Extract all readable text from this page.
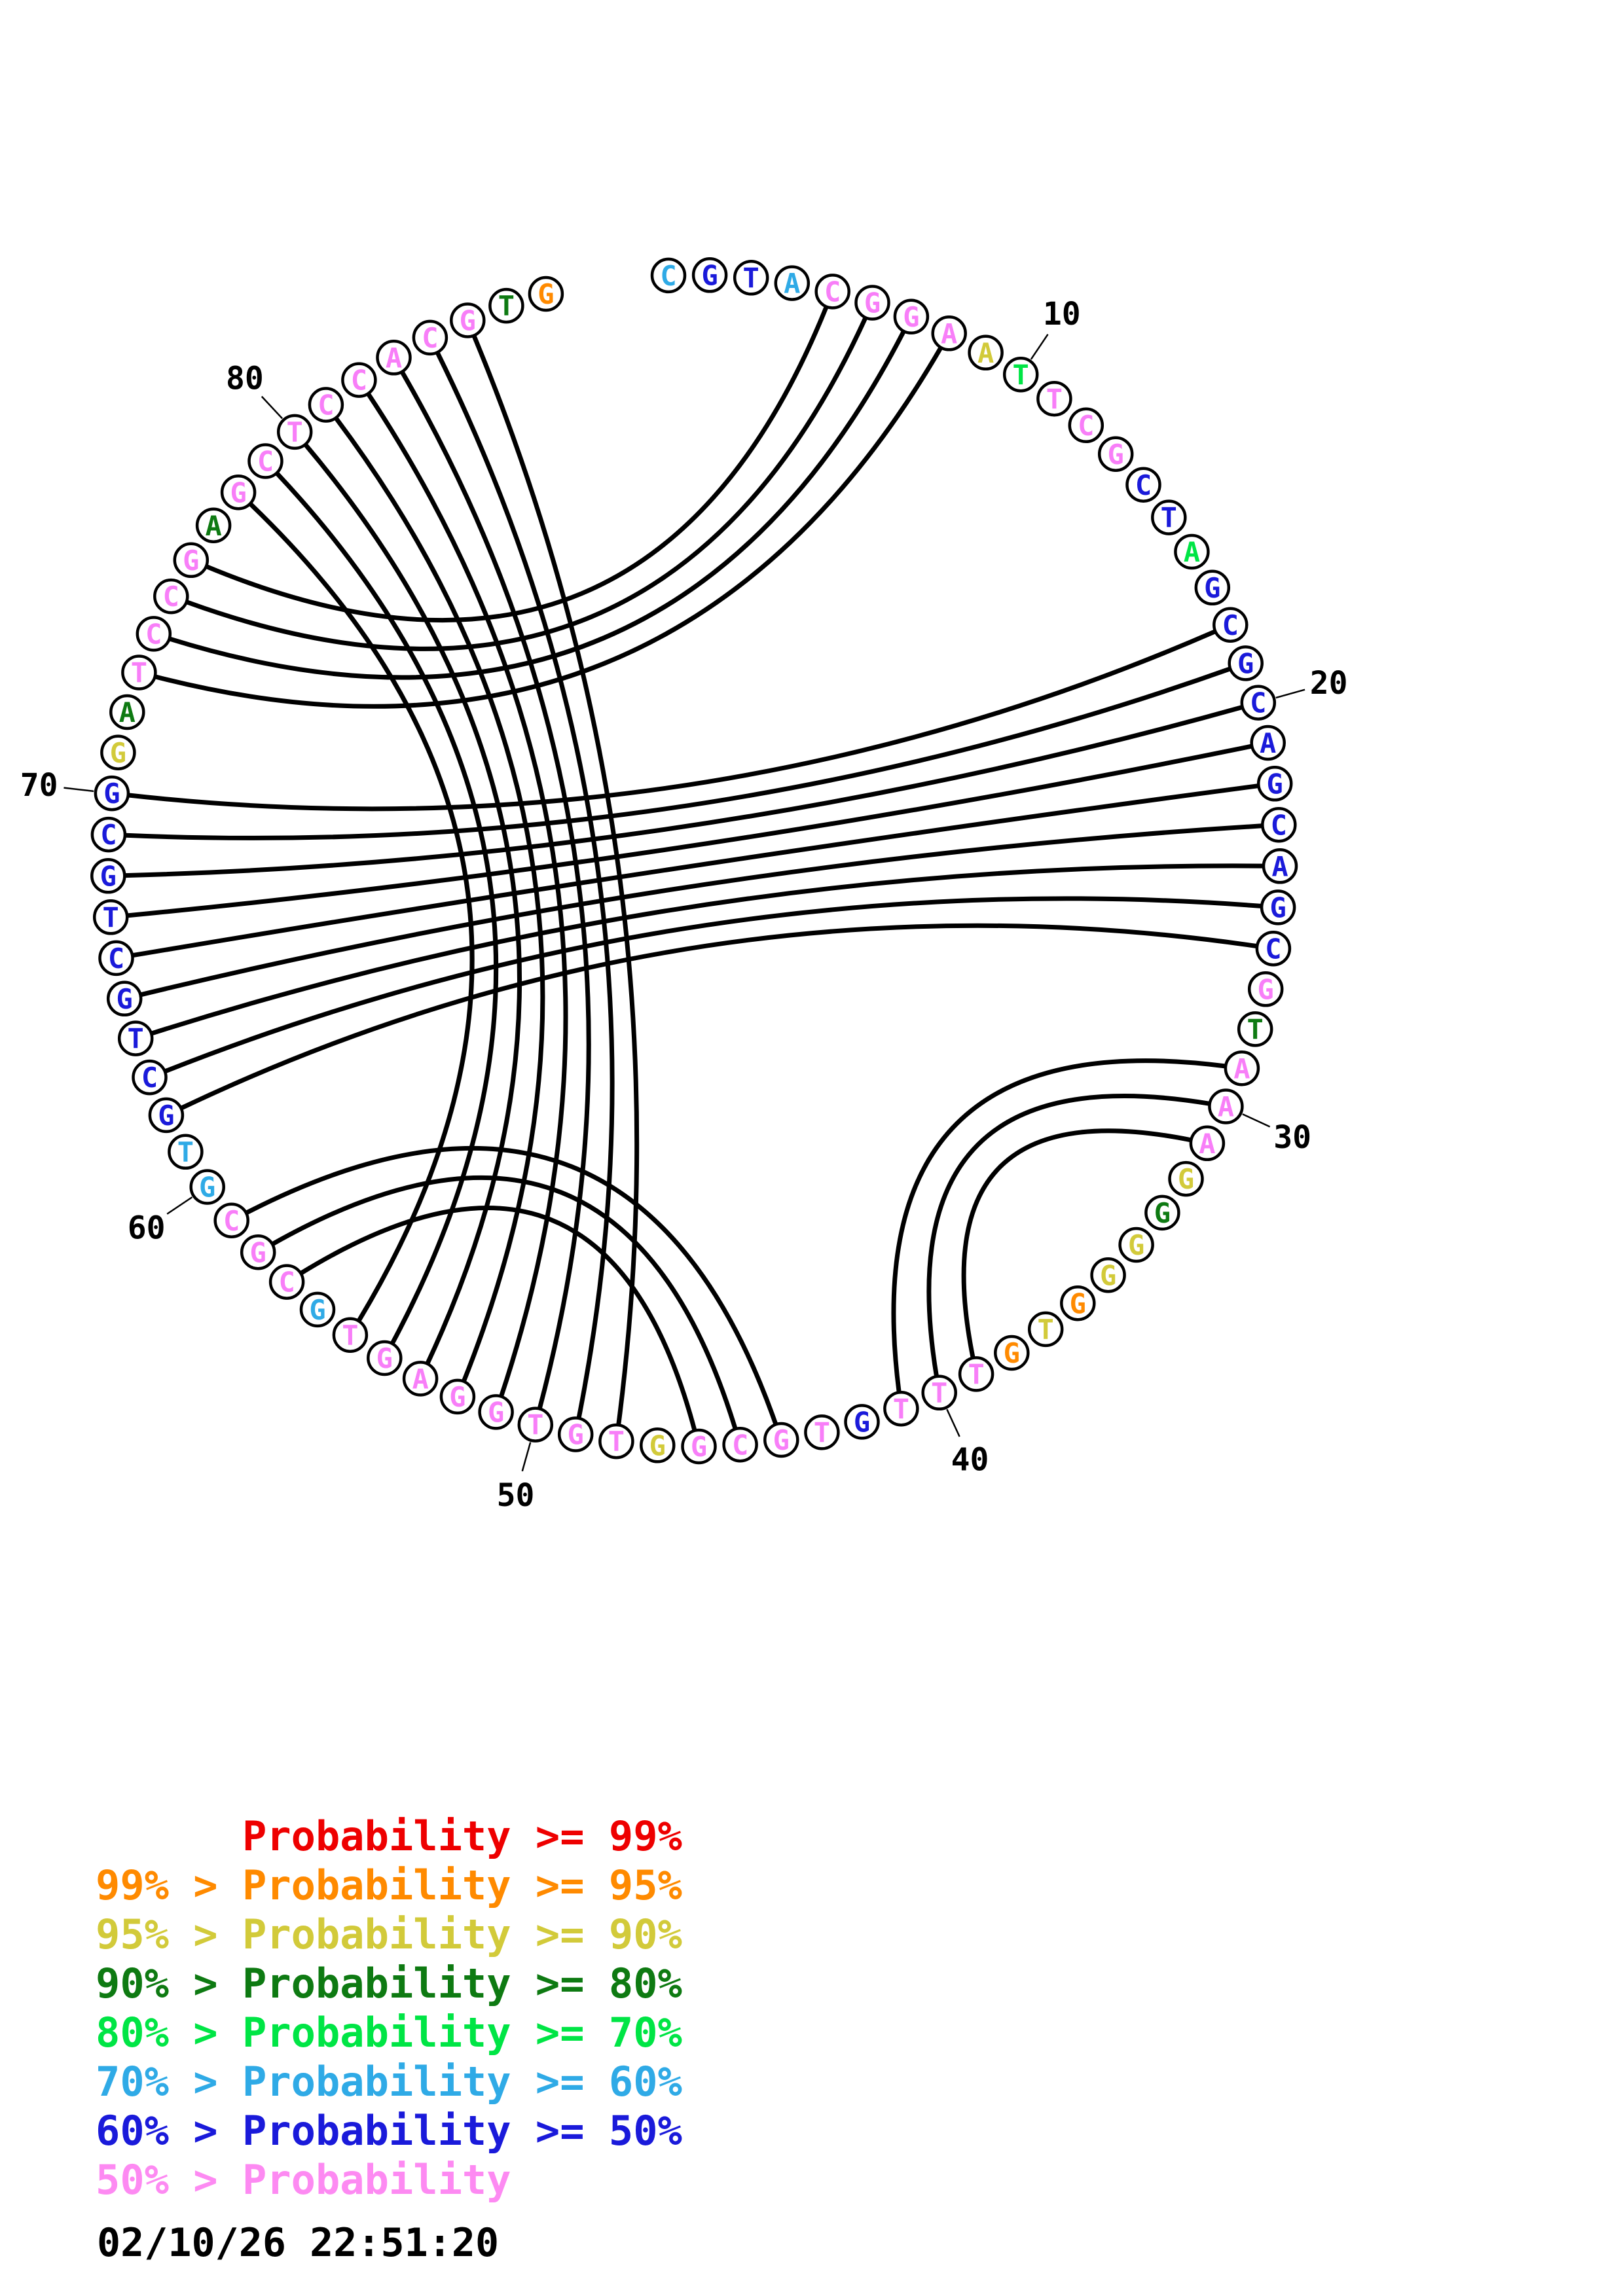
10
20
30
40
50
60
70
80
C G T A C G G
A
A
T
T
C
G
C
T
A
G
C
G
C
A
G
C
A
G
C
G
T
A
A
A
G
G
G
G
G
T
G
T
T
T
G
T
G
C
G
G
T
G
T
G
G
A
G
T
G
C
G
C
G
T
G
C
T
G
C
T
G
C
G
G
A
T
C
C
G
A
G
C
T
C
C
A
C
G T G
Probability >= 99%
99% > Probability >= 95%
95% > Probability >= 90%
90% > Probability >= 80%
80% > Probability >= 70%
70% > Probability >= 60%
60% > Probability >= 50%
50% > Probability
02/10/26 22:51:20
